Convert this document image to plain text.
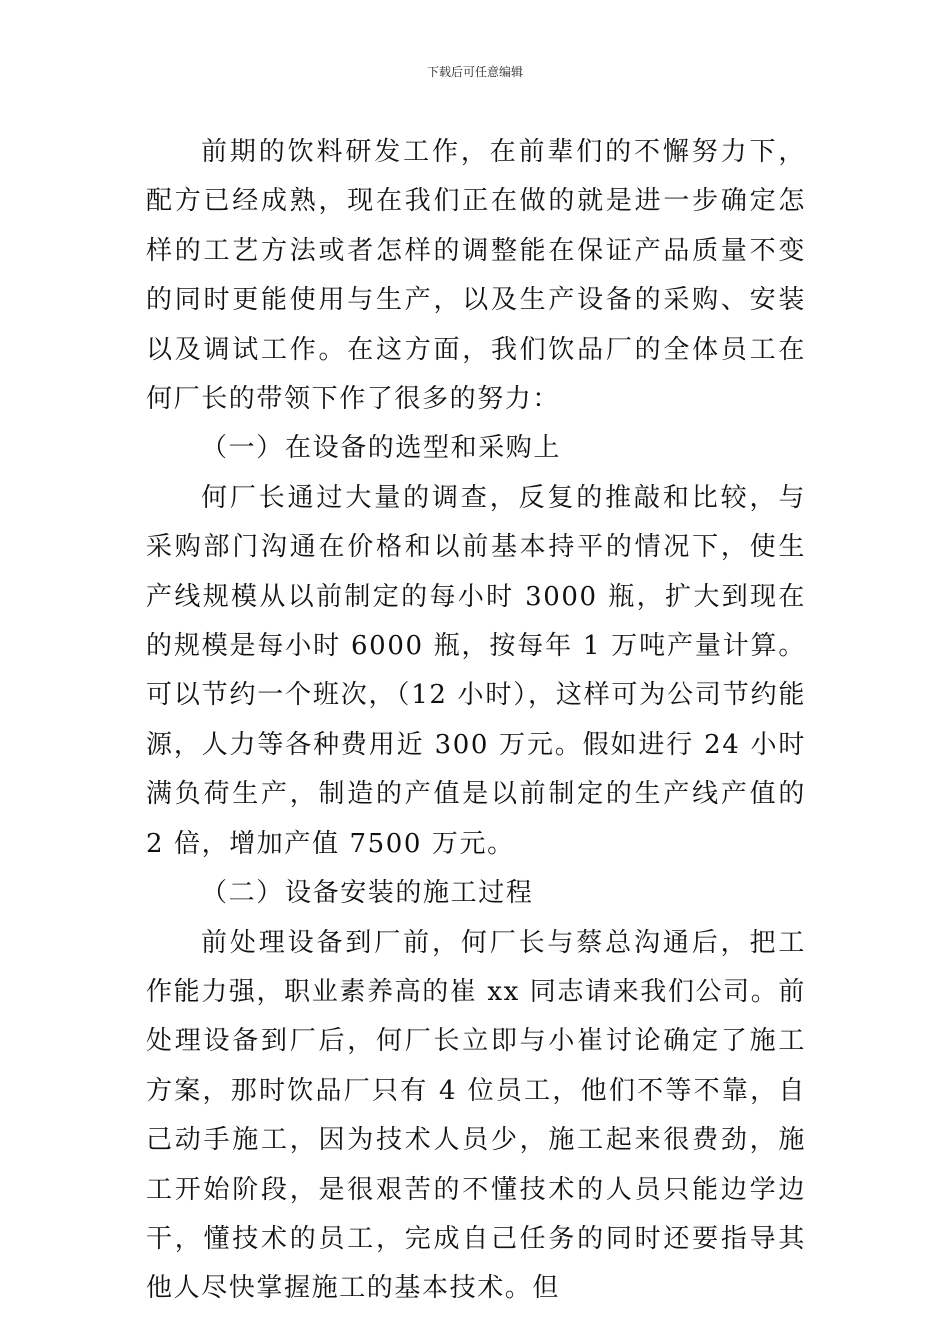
下载后可任意编辑

前期的饮料研发工作，在前辈们的不懈努力下，配方已经成熟，现在我们正在做的就是进一步确定怎样的工艺方法或者怎样的调整能在保证产品质量不变的同时更能使用与生产，以及生产设备的采购、安装以及调试工作。在这方面，我们饮品厂的全体员工在何厂长的带领下作了很多的努力：

（一）在设备的选型和采购上

何厂长通过大量的调查，反复的推敲和比较，与采购部门沟通在价格和以前基本持平的情况下，使生产线规模从以前制定的每小时 3000 瓶，扩大到现在的规模是每小时 6000 瓶，按每年 1 万吨产量计算。可以节约一个班次，（12 小时），这样可为公司节约能源，人力等各种费用近 300 万元。假如进行 24 小时满负荷生产，制造的产值是以前制定的生产线产值的 2 倍，增加产值 7500 万元。

（二）设备安装的施工过程

前处理设备到厂前，何厂长与蔡总沟通后，把工作能力强，职业素养高的崔 xx 同志请来我们公司。前处理设备到厂后，何厂长立即与小崔讨论确定了施工方案，那时饮品厂只有 4 位员工，他们不等不靠，自己动手施工，因为技术人员少，施工起来很费劲，施工开始阶段，是很艰苦的不懂技术的人员只能边学边干，懂技术的员工，完成自己任务的同时还要指导其他人尽快掌握施工的基本技术。但
